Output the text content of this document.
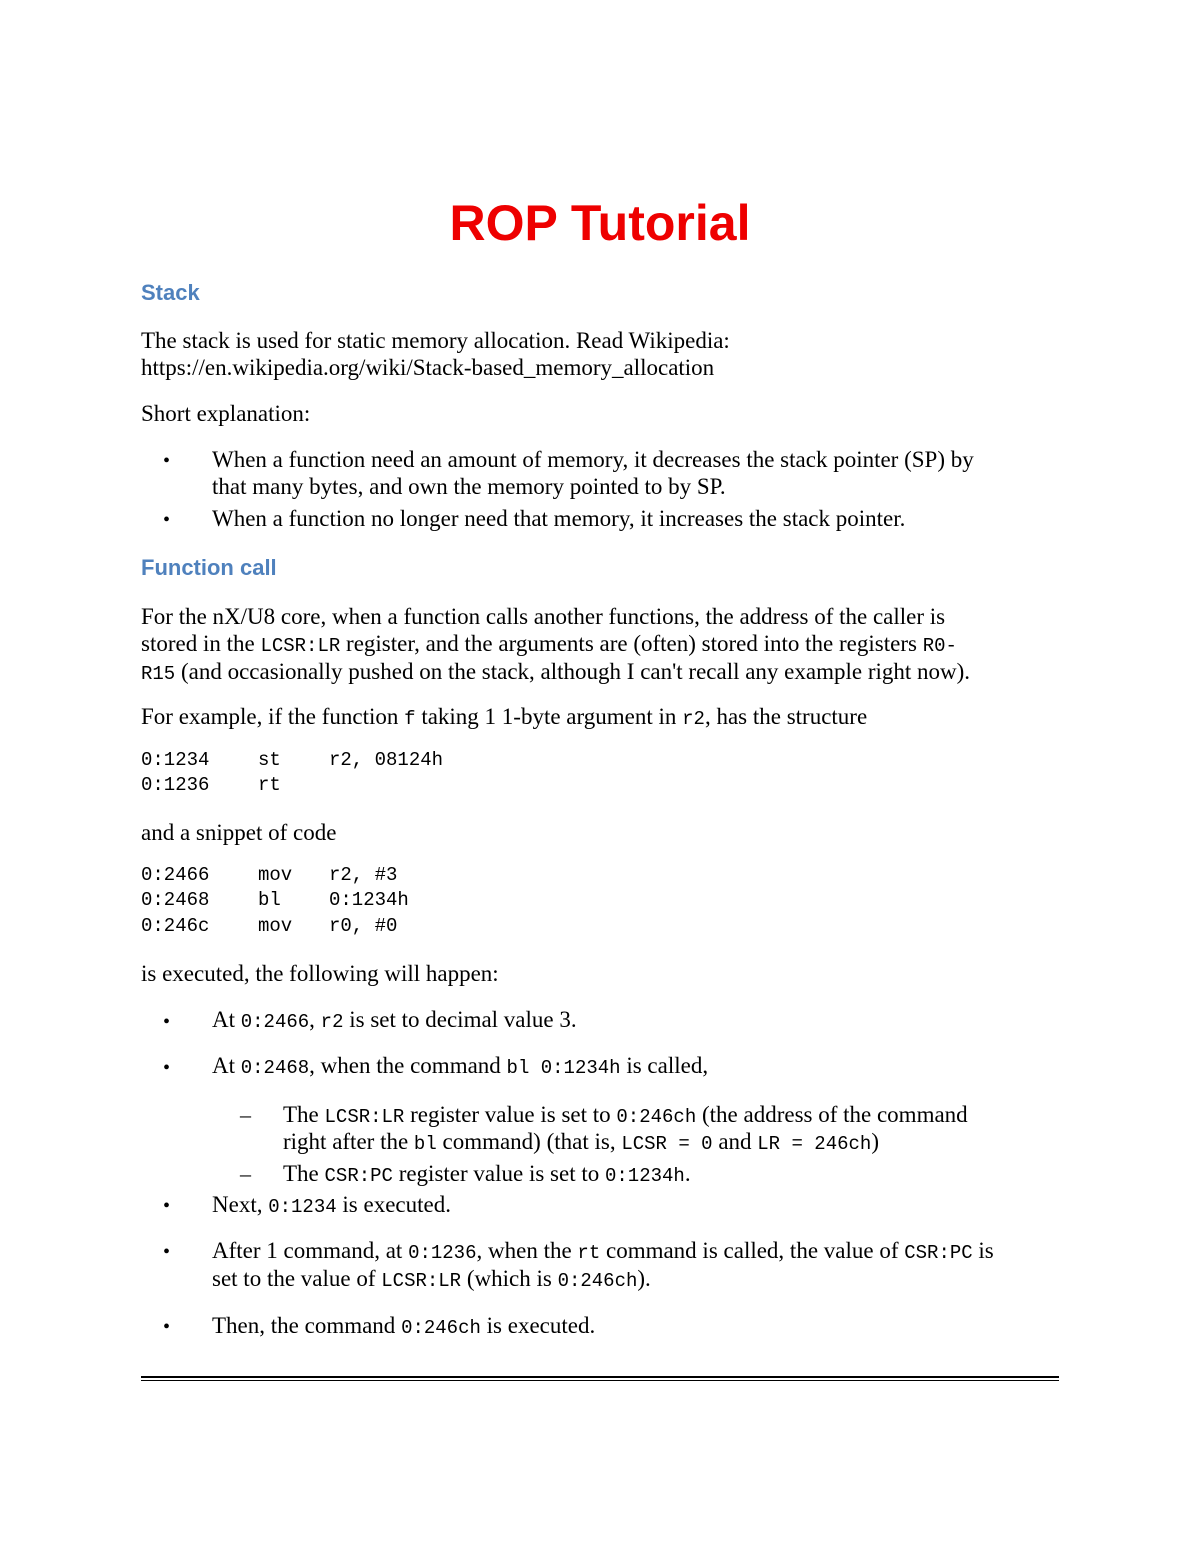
ROP Tutorial
Stack
The stack is used for static memory allocation. Read Wikipedia:
https://en.wikipedia.org/wiki/Stack-based_memory_allocation
Short explanation:
• When a function need an amount of memory, it decreases the stack pointer (SP) by
that many bytes, and own the memory pointed to by SP.
• When a function no longer need that memory, it increases the stack pointer.
Function call
For the nX/U8 core, when a function calls another functions, the address of the caller is
stored in the LCSR:LR register, and the arguments are (often) stored into the registers R0-
R15 (and occasionally pushed on the stack, although I can't recall any example right now).
For example, if the function f taking 1 1-byte argument in r2, has the structure
0:1234	st	r2, 08124h
0:1236	rt
and a snippet of code
0:2466	mov r2, #3
0:2468	bl	0:1234h
0:246c	mov r0, #0
is executed, the following will happen:
• At 0:2466, r2 is set to decimal value 3.
• At 0:2468, when the command bl 0:1234h is called,
– The LCSR:LR register value is set to 0:246ch (the address of the command
right after the bl command) (that is, LCSR = 0 and LR = 246ch)
– The CSR:PC register value is set to 0:1234h.
• Next, 0:1234 is executed.
• After 1 command, at 0:1236, when the rt command is called, the value of CSR:PC is
set to the value of LCSR:LR (which is 0:246ch).
• Then, the command 0:246ch is executed.
